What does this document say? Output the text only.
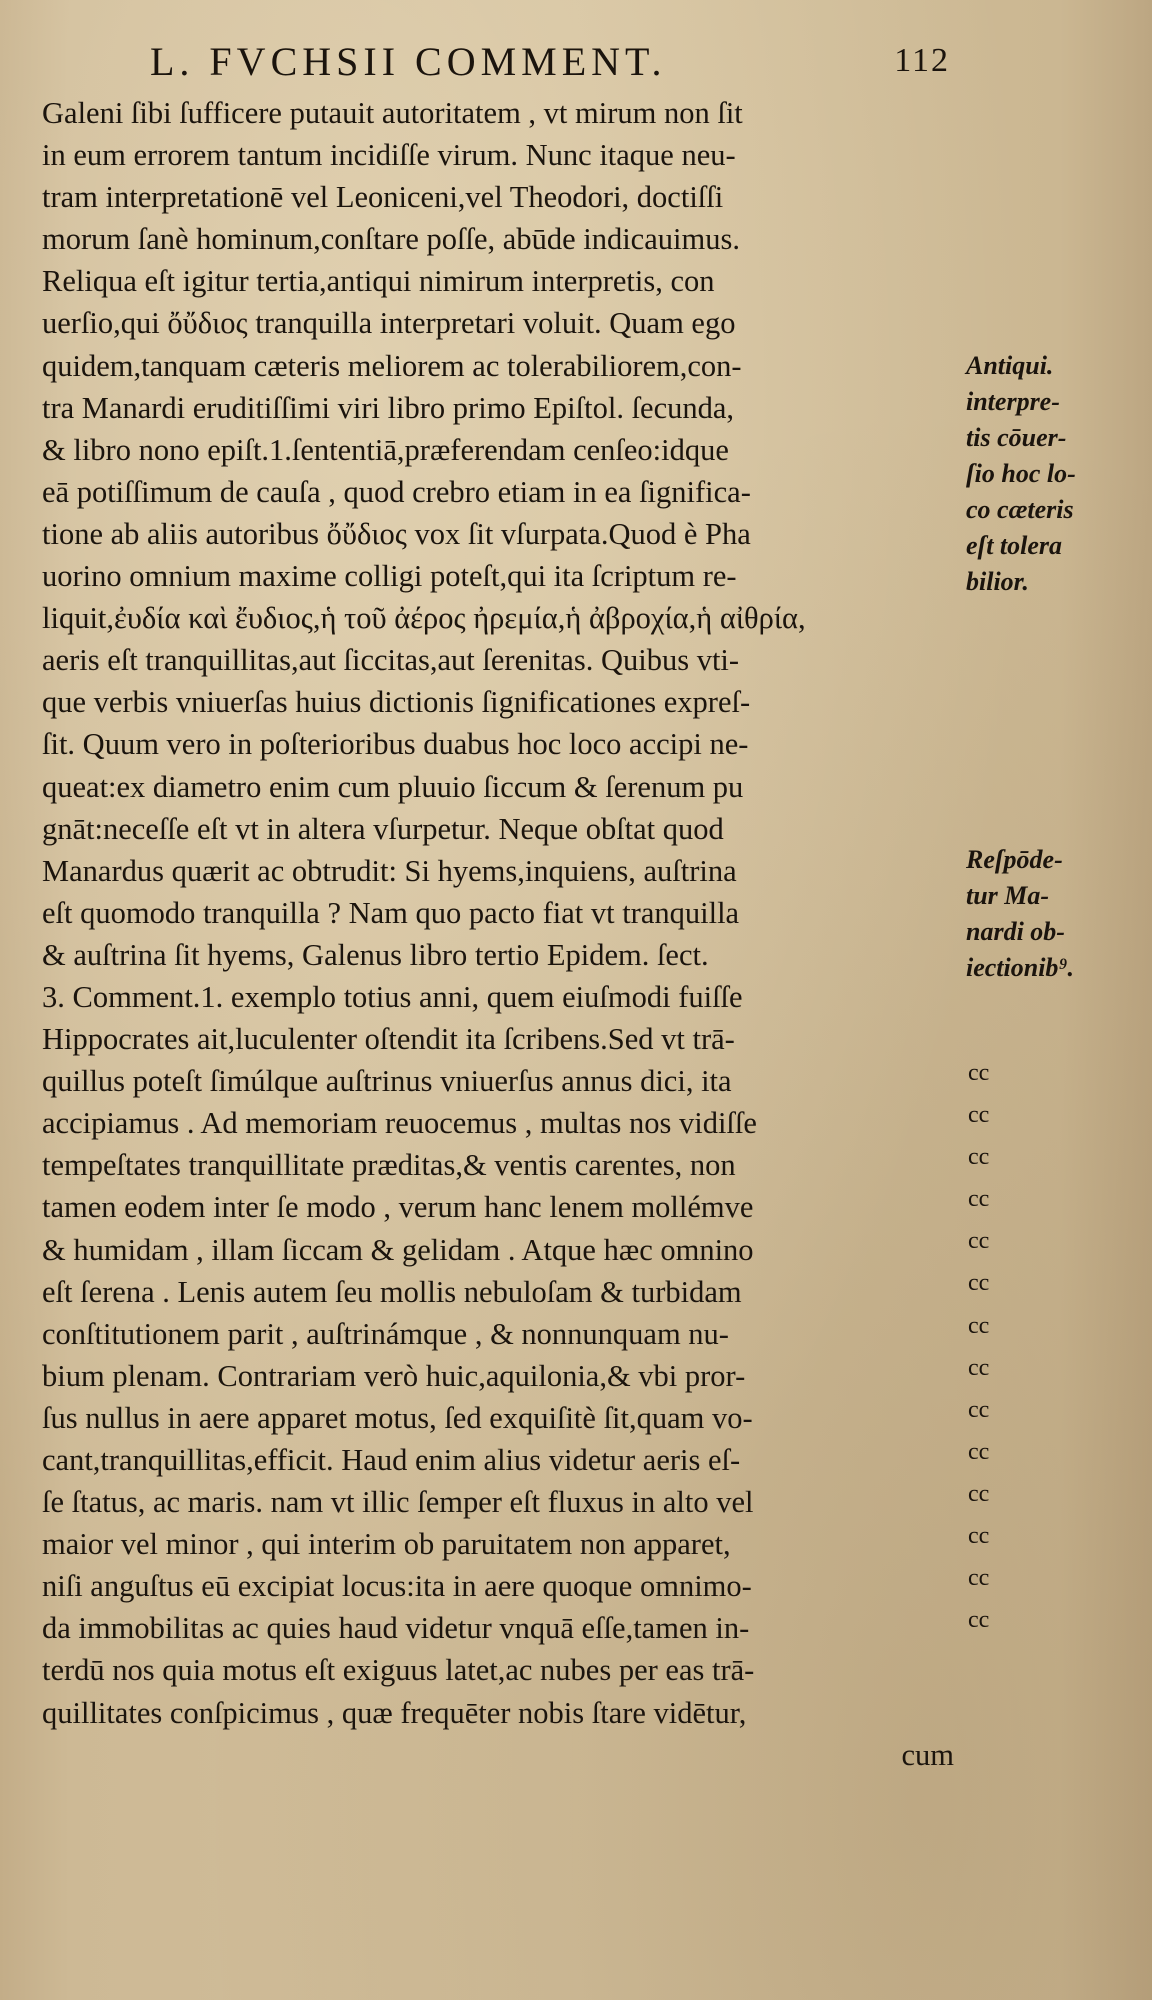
L. FVCHSII COMMENT.	112
Galeni ſibi ſufficere putauit autoritatem , vt mirum non ſit
in eum errorem tantum incidiſſe virum. Nunc itaque neu-
tram interpretationē vel Leoniceni,vel Theodori, doctiſſi
morum ſanè hominum,conſtare poſſe, abūde indicauimus.
Reliqua eſt igitur tertia,antiqui nimirum interpretis, con
uerſio,qui ὄὔδιος tranquilla interpretari voluit. Quam ego
quidem,tanquam cæteris meliorem ac tolerabiliorem,con-
tra Manardi eruditiſſimi viri libro primo Epiſtol. ſecunda,
& libro nono epiſt.1.ſententiā,præferendam cenſeo:idque
eā potiſſimum de cauſa , quod crebro etiam in ea ſignifica-
tione ab aliis autoribus ὄὔδιος vox ſit vſurpata.Quod è Pha
uorino omnium maxime colligi poteſt,qui ita ſcriptum re-
liquit,ἐυδία καὶ ἔυδιος,ἡ τοῦ ἀέρος ἠρεμία,ἡ ἀβροχία,ἡ αἰθρία,
aeris eſt tranquillitas,aut ſiccitas,aut ſerenitas. Quibus vti-
que verbis vniuerſas huius dictionis ſignificationes expreſ-
ſit. Quum vero in poſterioribus duabus hoc loco accipi ne-
queat:ex diametro enim cum pluuio ſiccum & ſerenum pu
gnāt:neceſſe eſt vt in altera vſurpetur. Neque obſtat quod
Manardus quærit ac obtrudit: Si hyems,inquiens, auſtrina
eſt quomodo tranquilla ? Nam quo pacto fiat vt tranquilla
& auſtrina ſit hyems, Galenus libro tertio Epidem. ſect.
3. Comment.1. exemplo totius anni, quem eiuſmodi fuiſſe
Hippocrates ait,luculenter oſtendit ita ſcribens.Sed vt trā-
quillus poteſt ſimúlque auſtrinus vniuerſus annus dici, ita
accipiamus . Ad memoriam reuocemus , multas nos vidiſſe
tempeſtates tranquillitate præditas,& ventis carentes, non
tamen eodem inter ſe modo , verum hanc lenem mollémve
& humidam , illam ſiccam & gelidam . Atque hæc omnino
eſt ſerena . Lenis autem ſeu mollis nebuloſam & turbidam
conſtitutionem parit , auſtrinámque , & nonnunquam nu-
bium plenam. Contrariam verò huic,aquilonia,& vbi pror-
ſus nullus in aere apparet motus, ſed exquiſitè ſit,quam vo-
cant,tranquillitas,efficit. Haud enim alius videtur aeris eſ-
ſe ſtatus, ac maris. nam vt illic ſemper eſt fluxus in alto vel
maior vel minor , qui interim ob paruitatem non apparet,
niſi anguſtus eū excipiat locus:ita in aere quoque omnimo-
da immobilitas ac quies haud videtur vnquā eſſe,tamen in-
terdū nos quia motus eſt exiguus latet,ac nubes per eas trā-
quillitates conſpicimus , quæ frequēter nobis ſtare vidētur,
cum
Antiqui.
interpre-
tis cōuer-
ſio hoc lo-
co cæteris
eſt tolera
bilior.
Reſpōde-
tur Ma-
nardi ob-
iectionib⁹.
cc
cc
cc
cc
cc
cc
cc
cc
cc
cc
cc
cc
cc
cc
